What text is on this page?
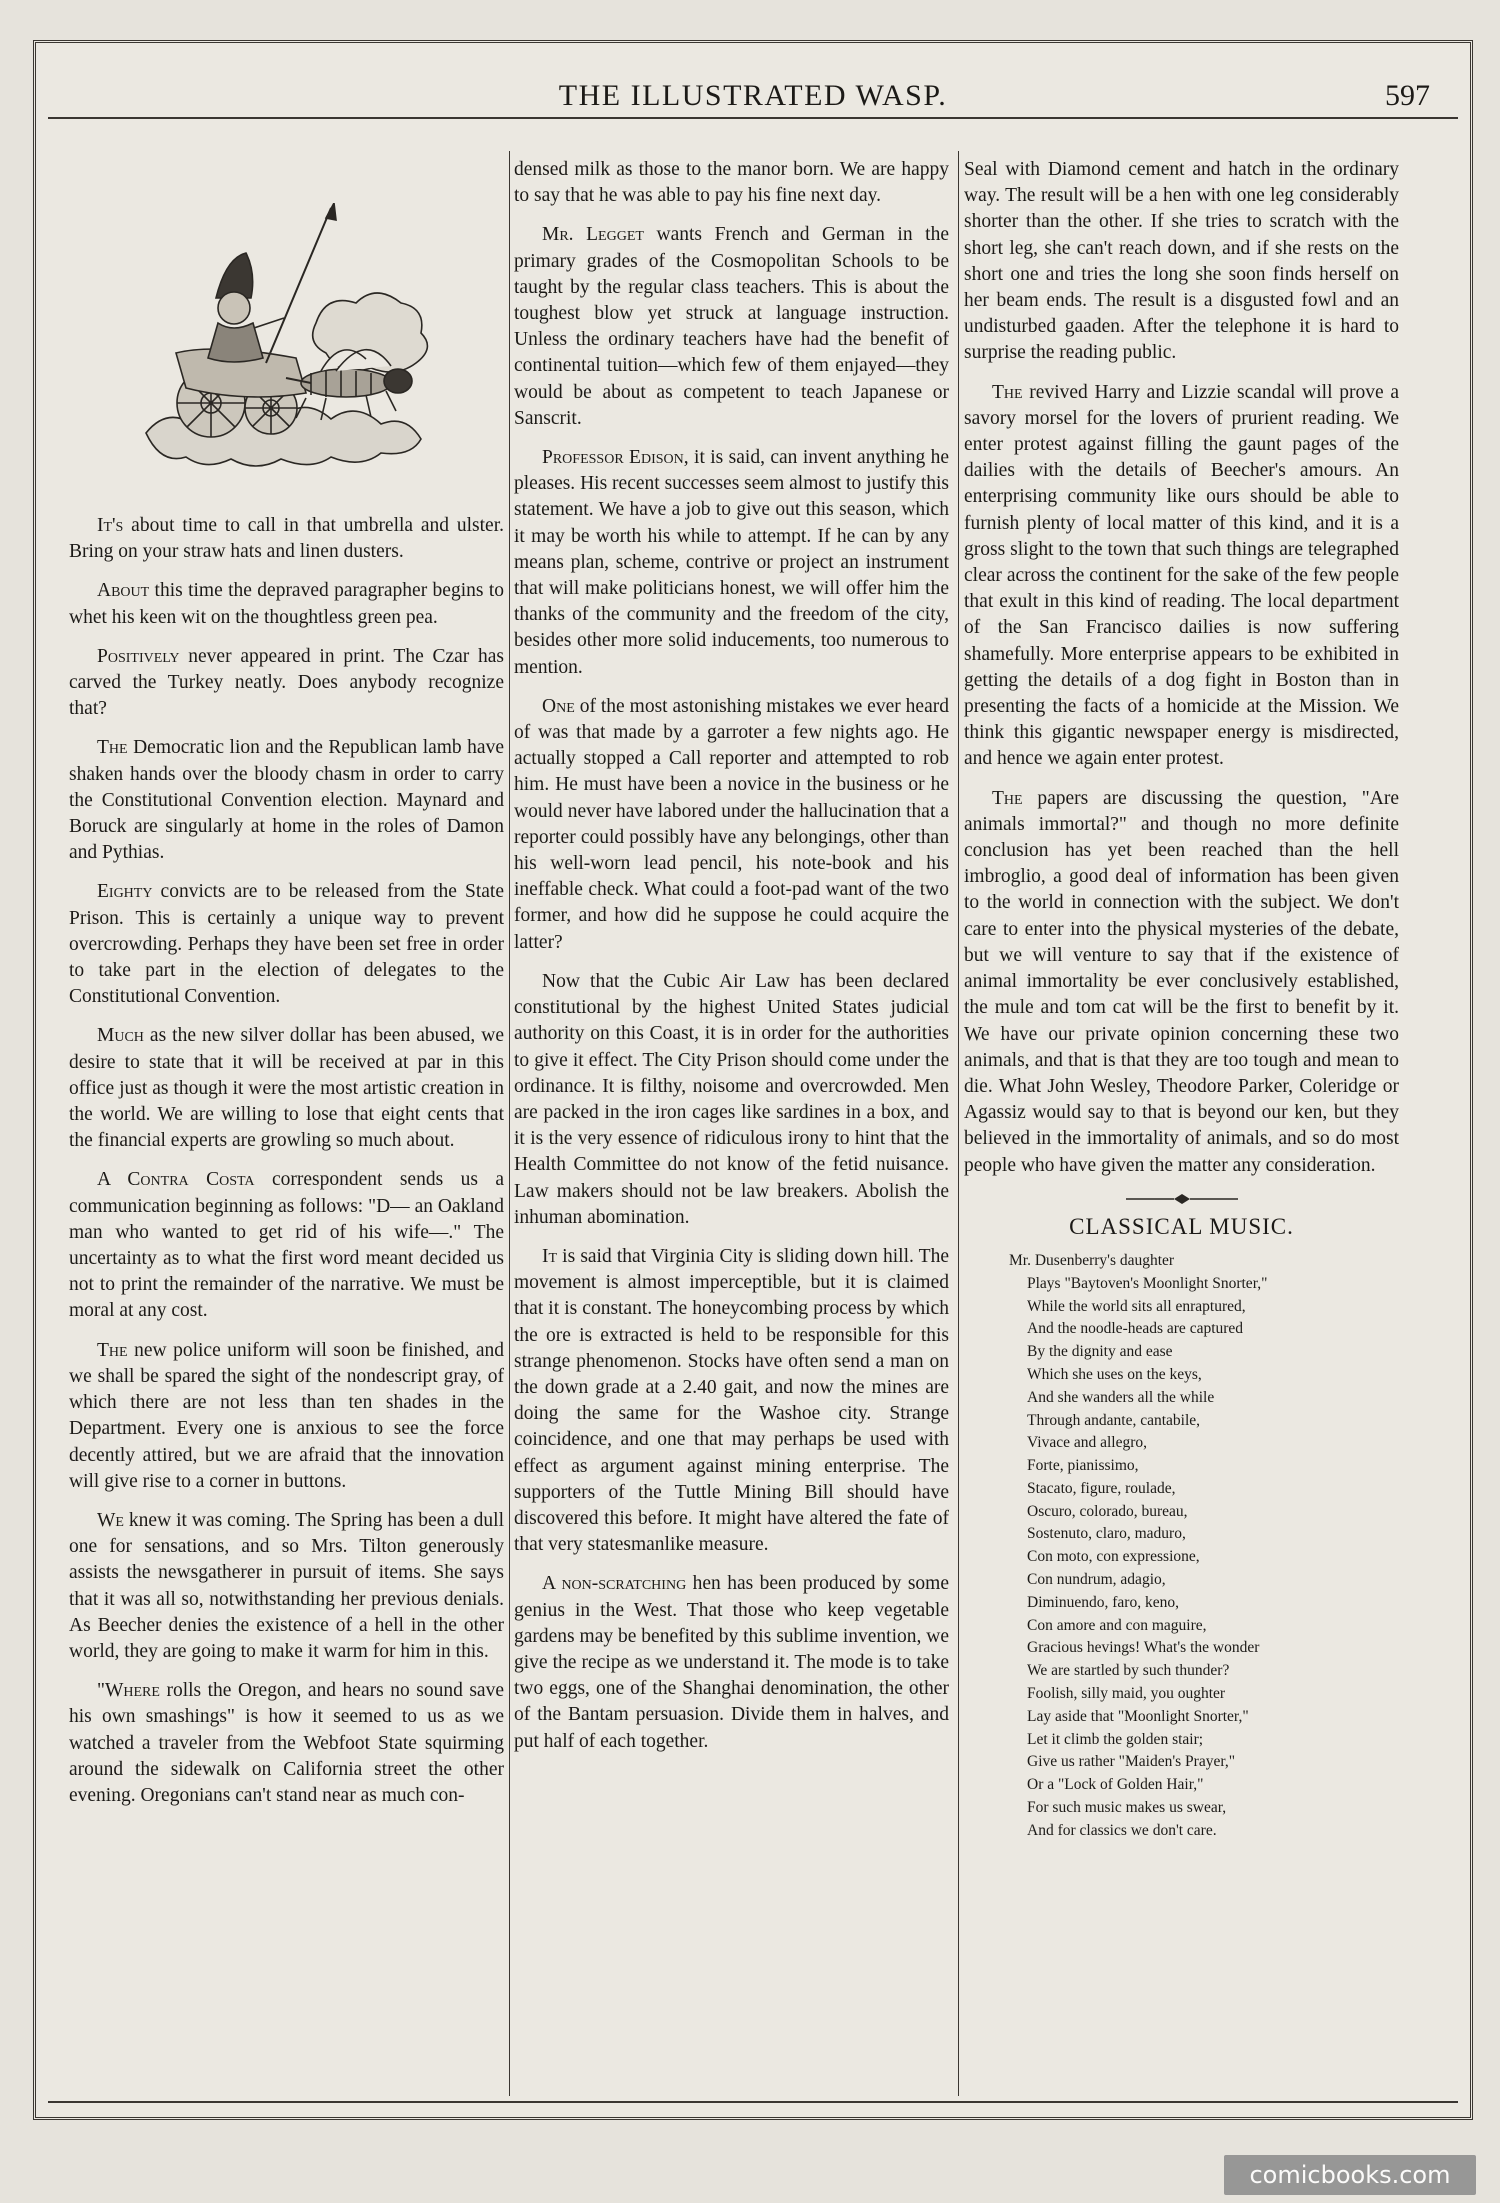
THE ILLUSTRATED WASP.	597

It's about time to call in that umbrella and ulster. Bring on your straw hats and linen dusters.

About this time the depraved paragrapher begins to whet his keen wit on the thoughtless green pea.

Positively never appeared in print. The Czar has carved the Turkey neatly. Does anybody recognize that?

The Democratic lion and the Republican lamb have shaken hands over the bloody chasm in order to carry the Constitutional Convention election. Maynard and Boruck are singularly at home in the roles of Damon and Pythias.

Eighty convicts are to be released from the State Prison. This is certainly a unique way to prevent overcrowding. Perhaps they have been set free in order to take part in the election of delegates to the Constitutional Convention.

Much as the new silver dollar has been abused, we desire to state that it will be received at par in this office just as though it were the most artistic creation in the world. We are willing to lose that eight cents that the financial experts are growling so much about.

A Contra Costa correspondent sends us a communication beginning as follows: "D— an Oakland man who wanted to get rid of his wife—." The uncertainty as to what the first word meant decided us not to print the remainder of the narrative. We must be moral at any cost.

The new police uniform will soon be finished, and we shall be spared the sight of the nondescript gray, of which there are not less than ten shades in the Department. Every one is anxious to see the force decently attired, but we are afraid that the innovation will give rise to a corner in buttons.

We knew it was coming. The Spring has been a dull one for sensations, and so Mrs. Tilton generously assists the newsgatherer in pursuit of items. She says that it was all so, notwithstanding her previous denials. As Beecher denies the existence of a hell in the other world, they are going to make it warm for him in this.

"Where rolls the Oregon, and hears no sound save his own smashings" is how it seemed to us as we watched a traveler from the Webfoot State squirming around the sidewalk on California street the other evening. Oregonians can't stand near as much con-

densed milk as those to the manor born. We are happy to say that he was able to pay his fine next day.

Mr. Legget wants French and German in the primary grades of the Cosmopolitan Schools to be taught by the regular class teachers. This is about the toughest blow yet struck at language instruction. Unless the ordinary teachers have had the benefit of continental tuition—which few of them enjayed—they would be about as competent to teach Japanese or Sanscrit.

Professor Edison, it is said, can invent anything he pleases. His recent successes seem almost to justify this statement. We have a job to give out this season, which it may be worth his while to attempt. If he can by any means plan, scheme, contrive or project an instrument that will make politicians honest, we will offer him the thanks of the community and the freedom of the city, besides other more solid inducements, too numerous to mention.

One of the most astonishing mistakes we ever heard of was that made by a garroter a few nights ago. He actually stopped a Call reporter and attempted to rob him. He must have been a novice in the business or he would never have labored under the hallucination that a reporter could possibly have any belongings, other than his well-worn lead pencil, his note-book and his ineffable check. What could a foot-pad want of the two former, and how did he suppose he could acquire the latter?

Now that the Cubic Air Law has been declared constitutional by the highest United States judicial authority on this Coast, it is in order for the authorities to give it effect. The City Prison should come under the ordinance. It is filthy, noisome and overcrowded. Men are packed in the iron cages like sardines in a box, and it is the very essence of ridiculous irony to hint that the Health Committee do not know of the fetid nuisance. Law makers should not be law breakers. Abolish the inhuman abomination.

It is said that Virginia City is sliding down hill. The movement is almost imperceptible, but it is claimed that it is constant. The honeycombing process by which the ore is extracted is held to be responsible for this strange phenomenon. Stocks have often send a man on the down grade at a 2.40 gait, and now the mines are doing the same for the Washoe city. Strange coincidence, and one that may perhaps be used with effect as argument against mining enterprise. The supporters of the Tuttle Mining Bill should have discovered this before. It might have altered the fate of that very statesmanlike measure.

A non-scratching hen has been produced by some genius in the West. That those who keep vegetable gardens may be benefited by this sublime invention, we give the recipe as we understand it. The mode is to take two eggs, one of the Shanghai denomination, the other of the Bantam persuasion. Divide them in halves, and put half of each together.

Seal with Diamond cement and hatch in the ordinary way. The result will be a hen with one leg considerably shorter than the other. If she tries to scratch with the short leg, she can't reach down, and if she rests on the short one and tries the long she soon finds herself on her beam ends. The result is a disgusted fowl and an undisturbed gaaden. After the telephone it is hard to surprise the reading public.

The revived Harry and Lizzie scandal will prove a savory morsel for the lovers of prurient reading. We enter protest against filling the gaunt pages of the dailies with the details of Beecher's amours. An enterprising community like ours should be able to furnish plenty of local matter of this kind, and it is a gross slight to the town that such things are telegraphed clear across the continent for the sake of the few people that exult in this kind of reading. The local department of the San Francisco dailies is now suffering shamefully. More enterprise appears to be exhibited in getting the details of a dog fight in Boston than in presenting the facts of a homicide at the Mission. We think this gigantic newspaper energy is misdirected, and hence we again enter protest.

The papers are discussing the question, "Are animals immortal?" and though no more definite conclusion has yet been reached than the hell imbroglio, a good deal of information has been given to the world in connection with the subject. We don't care to enter into the physical mysteries of the debate, but we will venture to say that if the existence of animal immortality be ever conclusively established, the mule and tom cat will be the first to benefit by it. We have our private opinion concerning these two animals, and that is that they are too tough and mean to die. What John Wesley, Theodore Parker, Coleridge or Agassiz would say to that is beyond our ken, but they believed in the immortality of animals, and so do most people who have given the matter any consideration.

CLASSICAL MUSIC.
Mr. Dusenberry's daughter
Plays "Baytoven's Moonlight Snorter,"
While the world sits all enraptured,
And the noodle-heads are captured
By the dignity and ease
Which she uses on the keys,
And she wanders all the while
Through andante, cantabile,
Vivace and allegro,
Forte, pianissimo,
Stacato, figure, roulade,
Oscuro, colorado, bureau,
Sostenuto, claro, maduro,
Con moto, con expressione,
Con nundrum, adagio,
Diminuendo, faro, keno,
Con amore and con maguire,
Gracious hevings! What's the wonder
We are startled by such thunder?
Foolish, silly maid, you oughter
Lay aside that "Moonlight Snorter,"
Let it climb the golden stair;
Give us rather "Maiden's Prayer,"
Or a "Lock of Golden Hair,"
For such music makes us swear,
And for classics we don't care.
comicbooks.com
